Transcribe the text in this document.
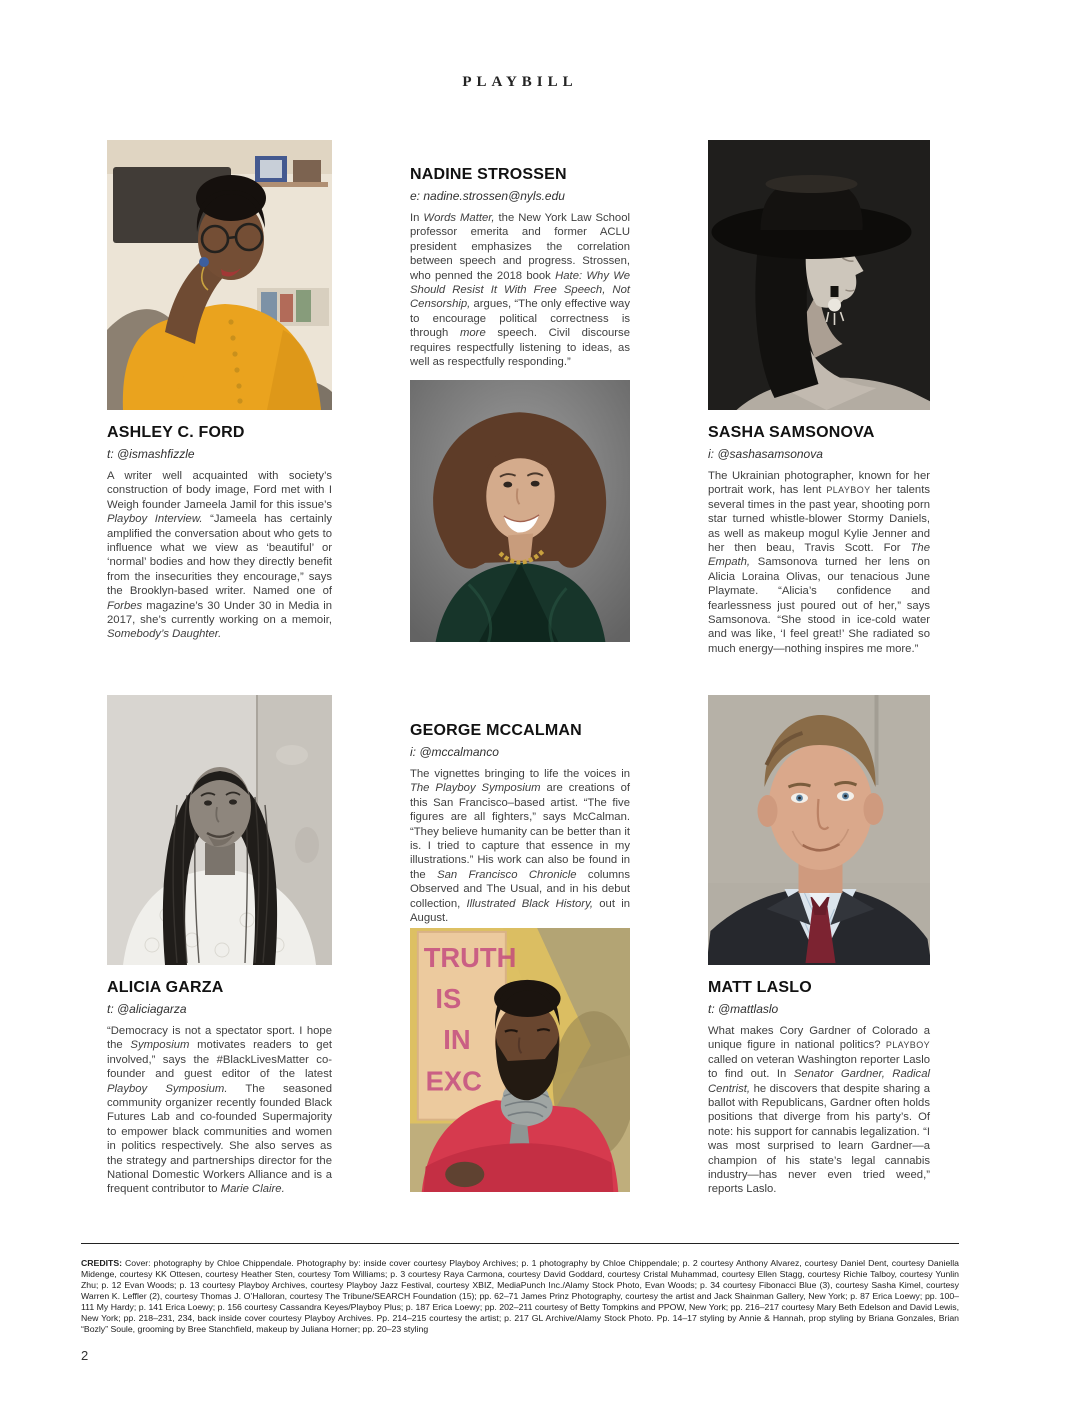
PLAYBILL
NADINE STROSSEN

e: nadine.strossen@nyls.edu

In Words Matter, the New York Law School professor emerita and former ACLU president emphasizes the correlation between speech and progress. Strossen, who penned the 2018 book Hate: Why We Should Resist It With Free Speech, Not Censorship, argues, “The only effective way to encourage political correctness is through more speech. Civil discourse requires respectfully listening to ideas, as well as respectfully responding.”

ASHLEY C. FORD

t: @ismashfizzle

A writer well acquainted with society’s construction of body image, Ford met with I Weigh founder Jameela Jamil for this issue’s Playboy Interview. “Jameela has certainly amplified the conversation about who gets to influence what we view as ‘beautiful’ or ‘normal’ bodies and how they directly benefit from the insecurities they encourage,” says the Brooklyn-based writer. Named one of Forbes magazine’s 30 Under 30 in Media in 2017, she’s currently working on a memoir, Somebody’s Daughter.

SASHA SAMSONOVA

i: @sashasamsonova

The Ukrainian photographer, known for her portrait work, has lent PLAYBOY her talents several times in the past year, shooting porn star turned whistle-blower Stormy Daniels, as well as makeup mogul Kylie Jenner and her then beau, Travis Scott. For The Empath, Samsonova turned her lens on Alicia Loraina Olivas, our tenacious June Playmate. “Alicia’s confidence and fearlessness just poured out of her,” says Samsonova. “She stood in ice-cold water and was like, ‘I feel great!’ She radiated so much energy—nothing inspires me more.”

GEORGE MCCALMAN

i: @mccalmanco

The vignettes bringing to life the voices in The Playboy Symposium are creations of this San Francisco–based artist. “The five figures are all fighters,” says McCalman. “They believe humanity can be better than it is. I tried to capture that essence in my illustrations.” His work can also be found in the San Francisco Chronicle columns Observed and The Usual, and in his debut collection, Illustrated Black History, out in August.

TRUTH
IS
IN
EXC
ALICIA GARZA

t: @aliciagarza

“Democracy is not a spectator sport. I hope the Symposium motivates readers to get involved,” says the #BlackLivesMatter co-founder and guest editor of the latest Playboy Symposium. The seasoned community organizer recently founded Black Futures Lab and co-founded Supermajority to empower black communities and women in politics respectively. She also serves as the strategy and partnerships director for the National Domestic Workers Alliance and is a frequent contributor to Marie Claire.

MATT LASLO

t: @mattlaslo

What makes Cory Gardner of Colorado a unique figure in national politics? PLAYBOY called on veteran Washington reporter Laslo to find out. In Senator Gardner, Radical Centrist, he discovers that despite sharing a ballot with Republicans, Gardner often holds positions that diverge from his party’s. Of note: his support for cannabis legalization. “I was most surprised to learn Gardner—a champion of his state’s legal cannabis industry—has never even tried weed,” reports Laslo.

CREDITS: Cover: photography by Chloe Chippendale. Photography by: inside cover courtesy Playboy Archives; p. 1 photography by Chloe Chippendale; p. 2 courtesy Anthony Alvarez, courtesy Daniel Dent, courtesy Daniella Midenge, courtesy KK Ottesen, courtesy Heather Sten, courtesy Tom Williams; p. 3 courtesy Raya Carmona, courtesy David Goddard, courtesy Cristal Muhammad, courtesy Ellen Stagg, courtesy Richie Talboy, courtesy Yunlin Zhu; p. 12 Evan Woods; p. 13 courtesy Playboy Archives, courtesy Playboy Jazz Festival, courtesy XBIZ, MediaPunch Inc./Alamy Stock Photo, Evan Woods; p. 34 courtesy Fibonacci Blue (3), courtesy Sasha Kimel, courtesy Warren K. Leffler (2), courtesy Thomas J. O’Halloran, courtesy The Tribune/SEARCH Foundation (15); pp. 62–71 James Prinz Photography, courtesy the artist and Jack Shainman Gallery, New York; p. 87 Erica Loewy; pp. 100–111 My Hardy; p. 141 Erica Loewy; p. 156 courtesy Cassandra Keyes/Playboy Plus; p. 187 Erica Loewy; pp. 202–211 courtesy of Betty Tompkins and PPOW, New York; pp. 216–217 courtesy Mary Beth Edelson and David Lewis, New York; pp. 218–231, 234, back inside cover courtesy Playboy Archives. Pp. 214–215 courtesy the artist; p. 217 GL Archive/Alamy Stock Photo. Pp. 14–17 styling by Annie & Hannah, prop styling by Briana Gonzales, Brian “Bozly” Soule, grooming by Bree Stanchfield, makeup by Juliana Horner; pp. 20–23 styling

2
